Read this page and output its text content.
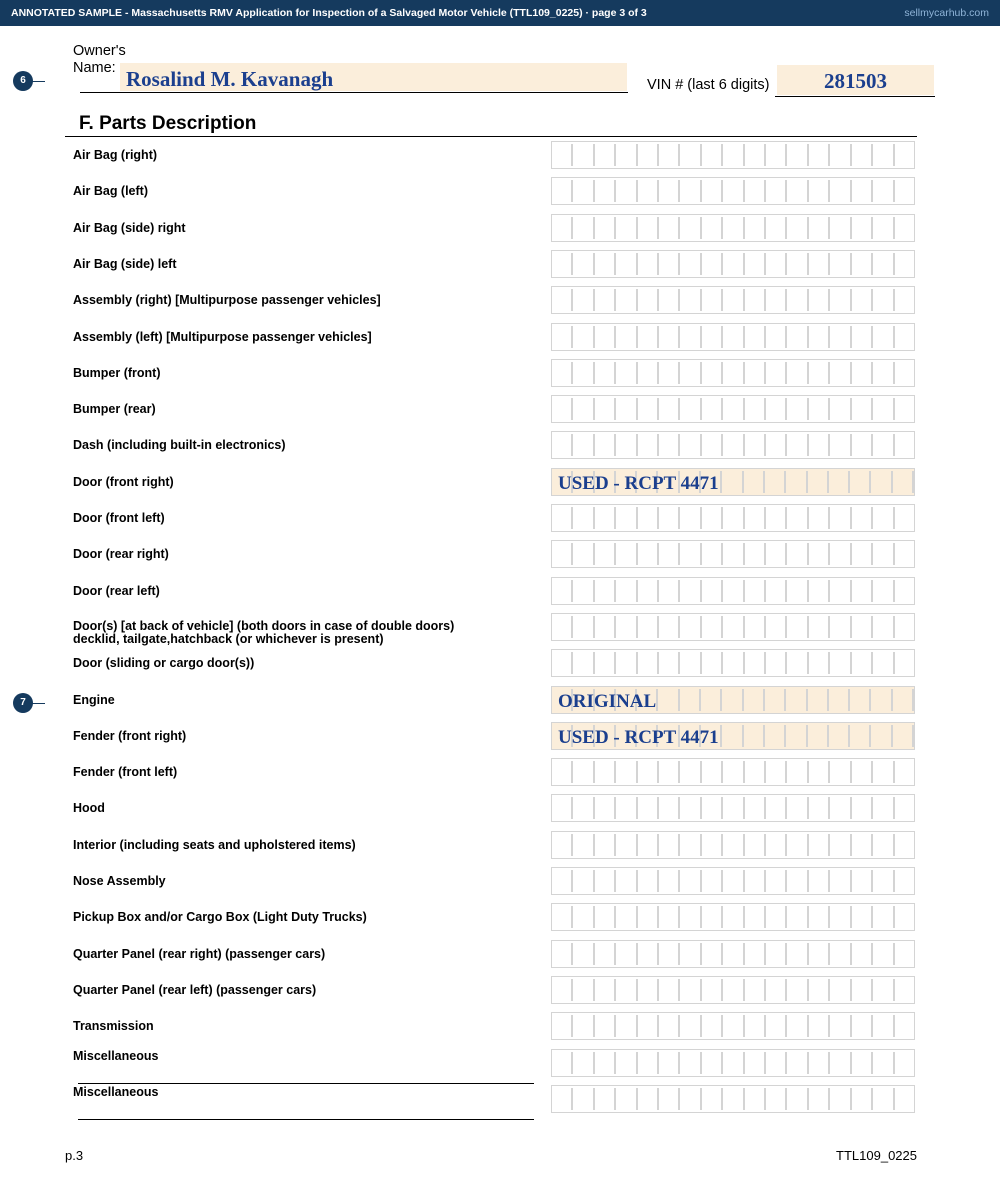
ANNOTATED SAMPLE - Massachusetts RMV Application for Inspection of a Salvaged Motor Vehicle (TTL109_0225) · page 3 of 3	sellmycarhub.com
6
Owner's
Name: Rosalind M. Kavanagh	VIN # (last 6 digits)	281503
F. Parts Description
7
Air Bag (right)
Air Bag (left)
Air Bag (side) right
Air Bag (side) left
Assembly (right) [Multipurpose passenger vehicles]
Assembly (left) [Multipurpose passenger vehicles]
Bumper (front)
Bumper (rear)
Dash (including built-in electronics)
Door (front right)	USED - RCPT 4471
Door (front left)
Door (rear right)
Door (rear left)
Door(s) [at back of vehicle] (both doors in case of double doors)
decklid, tailgate,hatchback (or whichever is present)
Door (sliding or cargo door(s))
Engine	ORIGINAL
Fender (front right)	USED - RCPT 4471
Fender (front left)
Hood
Interior (including seats and upholstered items)
Nose Assembly
Pickup Box and/or Cargo Box (Light Duty Trucks)
Quarter Panel (rear right) (passenger cars)
Quarter Panel (rear left) (passenger cars)
Transmission
Miscellaneous
Miscellaneous
p.3	TTL109_0225
